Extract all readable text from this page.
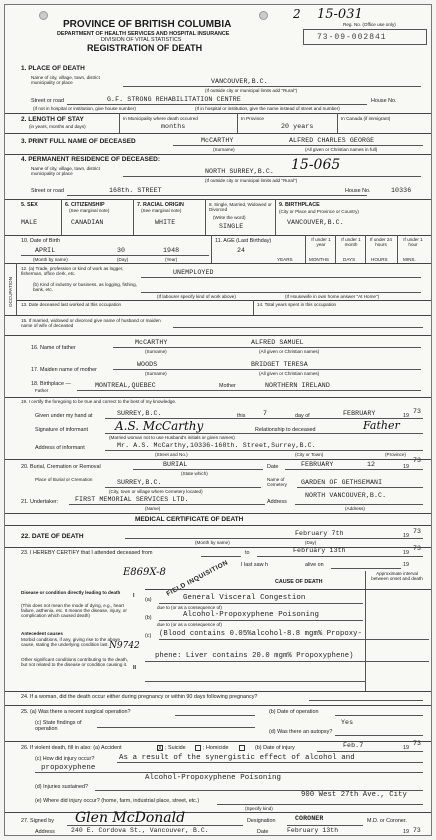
2 15-031
Reg. No. (Office use only)
73-09-002841
PROVINCE OF BRITISH COLUMBIA
DEPARTMENT OF HEALTH SERVICES AND HOSPITAL INSURANCE
DIVISION OF VITAL STATISTICS
REGISTRATION OF DEATH
1. PLACE OF DEATH
Name of city, village, town, district municipality or place	VANCOUVER,B.C.
(If outside city or municipal limits add "Rural")
Street or road	G.F. STRONG REHABILITATION CENTRE	House No.
(If not in hospital or institution, give house number)	(If in hospital or institution, give the name instead of street and number)
2. LENGTH OF STAY
(in years, months and days)
In Municipality where death occurred
months
In Province
20 years
In Canada (if immigrant)
3. PRINT FULL NAME OF DECEASED	McCARTHY	ALFRED CHARLES GEORGE
(Surname)	(All given or Christian names in full)
4. PERMANENT RESIDENCE OF DECEASED:
Name of city, village, town, district municipality or place	NORTH SURREY,B.C. 15-065
(If outside city or municipal limits add "Rural")
Street or road	168th. STREET	House No.	10336
5. SEX
MALE
6. CITIZENSHIP
(See marginal note)
CANADIAN
7. RACIAL ORIGIN
(See marginal note)
WHITE
8. Single, Married, Widowed or Divorced
(Write the word)
SINGLE
9. BIRTHPLACE
(City or Place and Province or Country)
VANCOUVER,B.C.
10. Date of Birth
APRIL	30	1948
(Month by name)	(Day)	(Year)
11. AGE (Last Birthday)
24
YEARS
If under 1 year
If under 1 month
If under 24 hours
If under 1 hour
MONTHS	DAYS	HOURS	MINS.
OCCUPATION
12. (a) Trade, profession or kind of work as logger, fisherman, office clerk, etc.	UNEMPLOYED
(b) Kind of industry or business, as logging, fishing, bank, etc.
(If labourer specify kind of work above)	(If Housewife in own home answer "At Home")
13. Date deceased last worked at this occupation	14. Total years spent in this occupation
15. If married, widowed or divorced give name of husband or maiden name of wife of deceased
16. Name of father
McCARTHY	ALFRED SAMUEL
(Surname)	(All given or Christian names)
17. Maiden name of mother
WOODS	BRIDGET TERESA
(Surname)	(All given or Christian names)
18. Birthplace —
Father
MONTREAL,QUEBEC	Mother	NORTHERN IRELAND
19. I certify the foregoing to be true and correct to the best of my knowledge.
Given under my hand at	SURREY,B.C.	this	7	day of	FEBRUARY	19
73
Signature of informant A.S. McCarthy	Relationship to deceased	Father
(Married woman not to use Husband's initials or given names)
Address of informant	Mr. A.S. McCarthy,10336-168th. Street,Surrey,B.C.
(Street and No.)	(City or Town)	(Province)
20. Burial, Cremation or Removal	BURIAL
(State which)
Date	FEBRUARY	12	19
73
Place of Burial or Cremation	SURREY,B.C.
(City, town or village where Cemetery located)
Name of Cemetery	GARDEN OF GETHSEMANI
21. Undertaker:	FIRST MEMORIAL SERVICES LTD.
(Name)
Address
NORTH VANCOUVER,B.C.
(Address)
MEDICAL CERTIFICATE OF DEATH
22. DATE OF DEATH	February 7th	19
73
(Month by name)	(Day)
23. I HEREBY CERTIFY that I attended deceased from	to	February 13th	19
73
I last saw h	alive on	19
E869X-8 FIELD INQUISITION	CAUSE OF DEATH
Approximate interval between onset and death
I
Disease or condition directly leading to death
(This does not mean the mode of dying, e.g., heart failure, asthenia, etc. It means the disease, injury, or complication which caused death)
(a)	General Visceral Congestion
due to (or as a consequence of)
(b)	Alcohol-Propoxyphene Poisoning
due to (or as a consequence of)
Antecedent causes
Morbid conditions, if any, giving rise to the above cause, stating the underlying condition last. N9742
(c) (Blood contains 0.05%alcohol-8.8 mgm% Propoxy-
II
Other significant conditions contributing to the death, but not related to the disease or condition causing it.
phene: Liver contains 20.0 mgm% Propoxyphene)
24. If a woman, did the death occur either during pregnancy or within 90 days following pregnancy?
25. (a) Was there a recent surgical operation?	(b) Date of operation
(c) State findings of operation
Yes
(d) Was there an autopsy?
26. If violent death, fill in also: (a) Accident	X ; Suicide	; Homicide	(b) Date of injury	Feb.7	19
73
(c) How did injury occur?	As a result of the synergistic effect of alcohol and
propoxyphene
Alcohol-Propoxyphene Poisoning
(d) Injuries sustained?
900 West 27th Ave., City
(e) Where did injury occur? (home, farm, industrial place, street, etc.)
(Specify kind)
27. Signed by Glen McDonald	Designation	CORONER	M.D. or Coroner.
Address	240 E. Cordova St., Vancouver, B.C.	Date	February 13th	19 73
